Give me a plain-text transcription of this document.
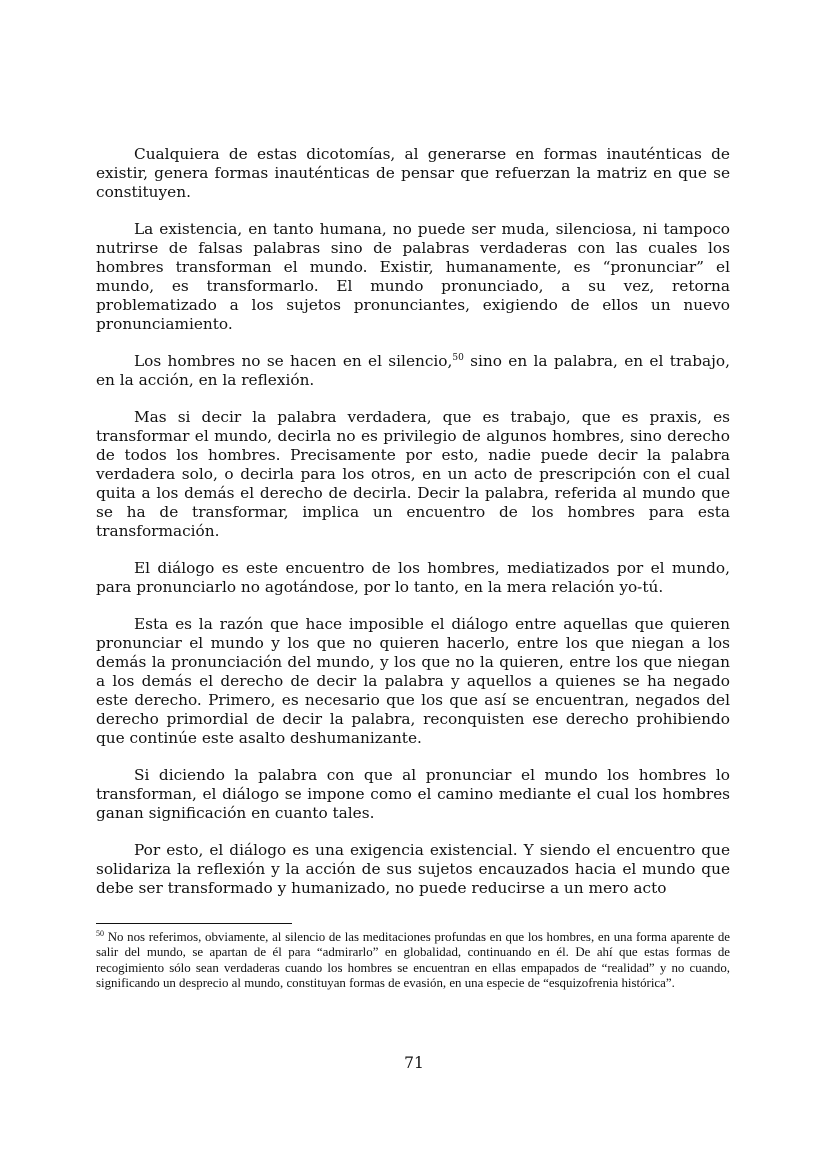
Cualquiera de estas dicotomías, al generarse en formas inauténticas de existir, genera formas inauténticas de pensar que refuerzan la matriz en que se constituyen.

La existencia, en tanto humana, no puede ser muda, silenciosa, ni tampoco nutrirse de falsas palabras sino de palabras verdaderas con las cuales los hombres transforman el mundo. Existir, humanamente, es “pronunciar” el mundo, es transformarlo. El mundo pronunciado, a su vez, retorna problematizado a los sujetos pronunciantes, exigiendo de ellos un nuevo pronunciamiento.

Los hombres no se hacen en el silencio,$^{50}$ sino en la palabra, en el trabajo, en la acción, en la reflexión.

Mas si decir la palabra verdadera, que es trabajo, que es praxis, es transformar el mundo, decirla no es privilegio de algunos hombres, sino derecho de todos los hombres. Precisamente por esto, nadie puede decir la palabra verdadera solo, o decirla para los otros, en un acto de prescripción con el cual quita a los demás el derecho de decirla. Decir la palabra, referida al mundo que se ha de transformar, implica un encuentro de los hombres para esta transformación.

El diálogo es este encuentro de los hombres, mediatizados por el mundo, para pronunciarlo no agotándose, por lo tanto, en la mera relación yo-tú.

Esta es la razón que hace imposible el diálogo entre aquellas que quieren pronunciar el mundo y los que no quieren hacerlo, entre los que niegan a los demás la pronunciación del mundo, y los que no la quieren, entre los que niegan a los demás el derecho de decir la palabra y aquellos a quienes se ha negado este derecho. Primero, es necesario que los que así se encuentran, negados del derecho primordial de decir la palabra, reconquisten ese derecho prohibiendo que continúe este asalto deshumanizante.

Si diciendo la palabra con que al pronunciar el mundo los hombres lo transforman, el diálogo se impone como el camino mediante el cual los hombres ganan significación en cuanto tales.

Por esto, el diálogo es una exigencia existencial. Y siendo el encuentro que solidariza la reflexión y la acción de sus sujetos encauzados hacia el mundo que debe ser transformado y humanizado, no puede reducirse a un mero acto

$^{50}$ No nos referimos, obviamente, al silencio de las meditaciones profundas en que los hombres, en una forma aparente de salir del mundo, se apartan de él para “admirarlo” en globalidad, continuando en él. De ahí que estas formas de recogimiento sólo sean verdaderas cuando los hombres se encuentran en ellas empapados de “realidad” y no cuando, significando un desprecio al mundo, constituyan formas de evasión, en una especie de “esquizofrenia histórica”.

71
